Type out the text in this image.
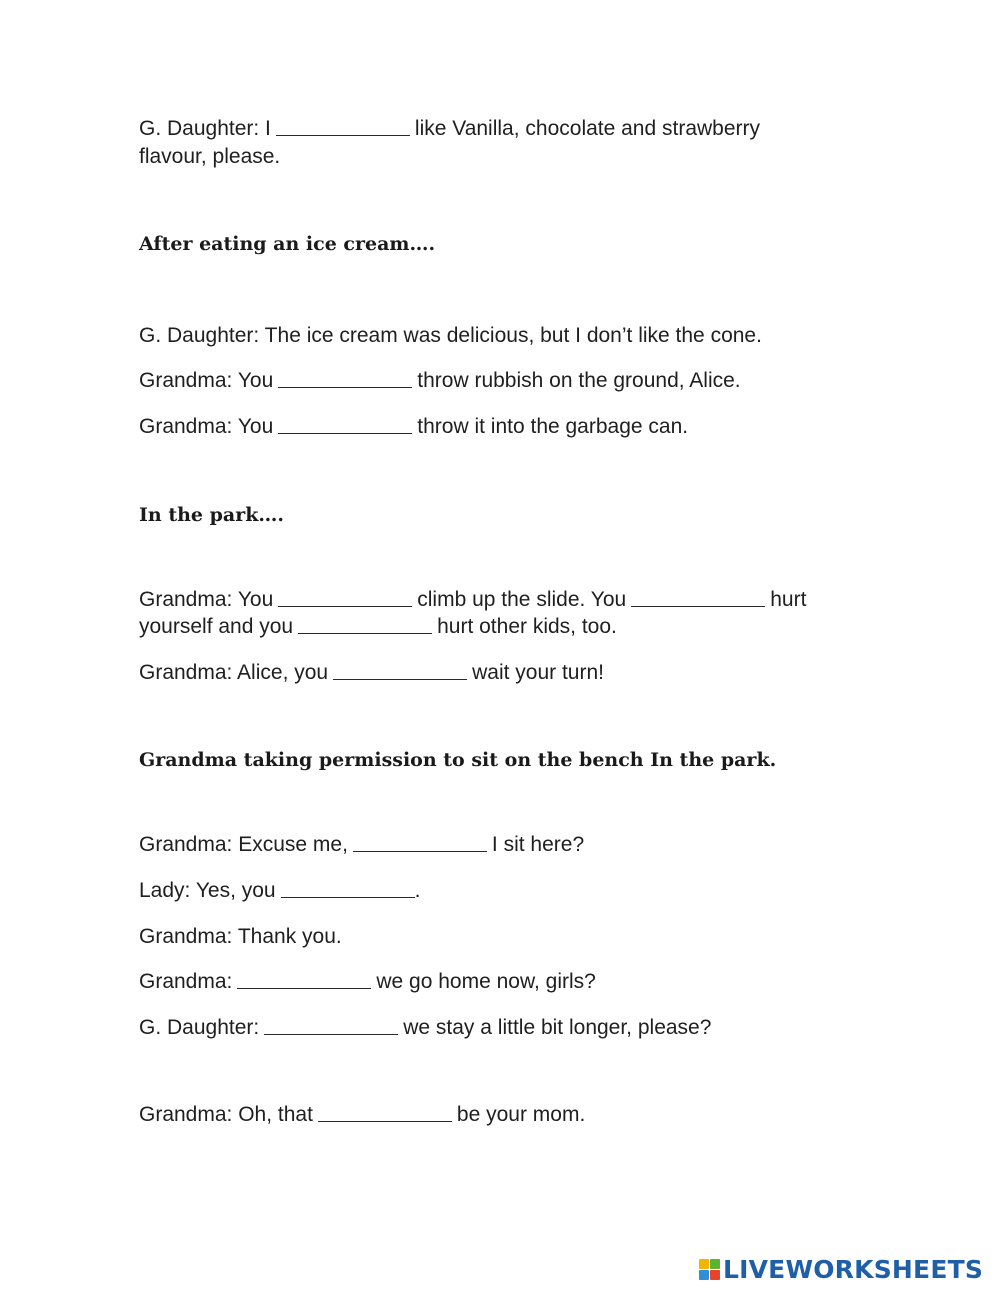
G. Daughter: I	like Vanilla, chocolate and strawberry
flavour, please.
After eating an ice cream….
G. Daughter: The ice cream was delicious, but I don’t like the cone.
Grandma: You	throw rubbish on the ground, Alice.
Grandma: You	throw it into the garbage can.
In the park….
Grandma: You	climb up the slide. You	hurt
yourself and you	hurt other kids, too.
Grandma: Alice, you	wait your turn!
Grandma taking permission to sit on the bench In the park.
Grandma: Excuse me,	I sit here?
Lady: Yes, you	.
Grandma: Thank you.
Grandma:	we go home now, girls?
G. Daughter:	we stay a little bit longer, please?
Grandma: Oh, that	be your mom.
LIVEWORKSHEETS
